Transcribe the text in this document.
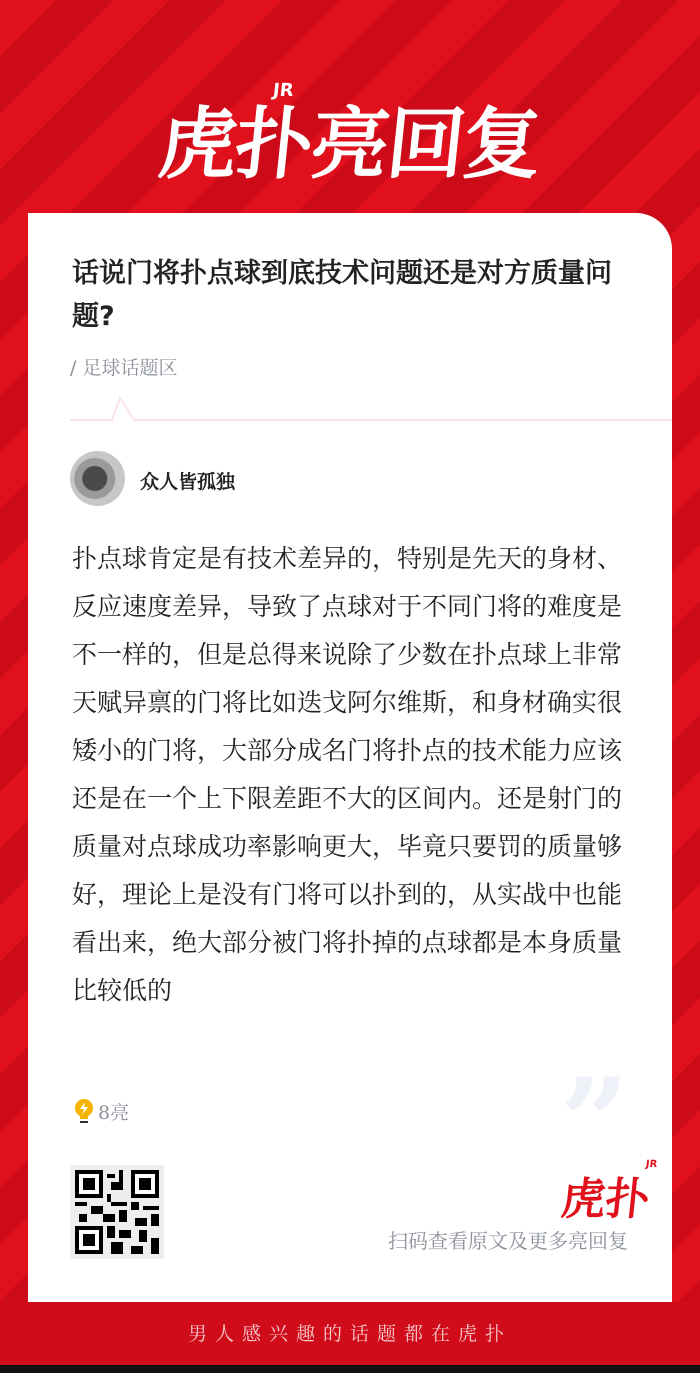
虎扑亮回复
JR
话说门将扑点球到底技术问题还是对方质量问题?
/ 足球话题区
众人皆孤独

扑点球肯定是有技术差异的，特别是先天的身材、反应速度差异，导致了点球对于不同门将的难度是不一样的，但是总得来说除了少数在扑点球上非常天赋异禀的门将比如迭戈阿尔维斯，和身材确实很矮小的门将，大部分成名门将扑点的技术能力应该还是在一个上下限差距不大的区间内。还是射门的质量对点球成功率影响更大，毕竟只要罚的质量够好，理论上是没有门将可以扑到的，从实战中也能看出来，绝大部分被门将扑掉的点球都是本身质量比较低的

”
8亮
虎扑
JR
扫码查看原文及更多亮回复
男人感兴趣的话题都在虎扑
